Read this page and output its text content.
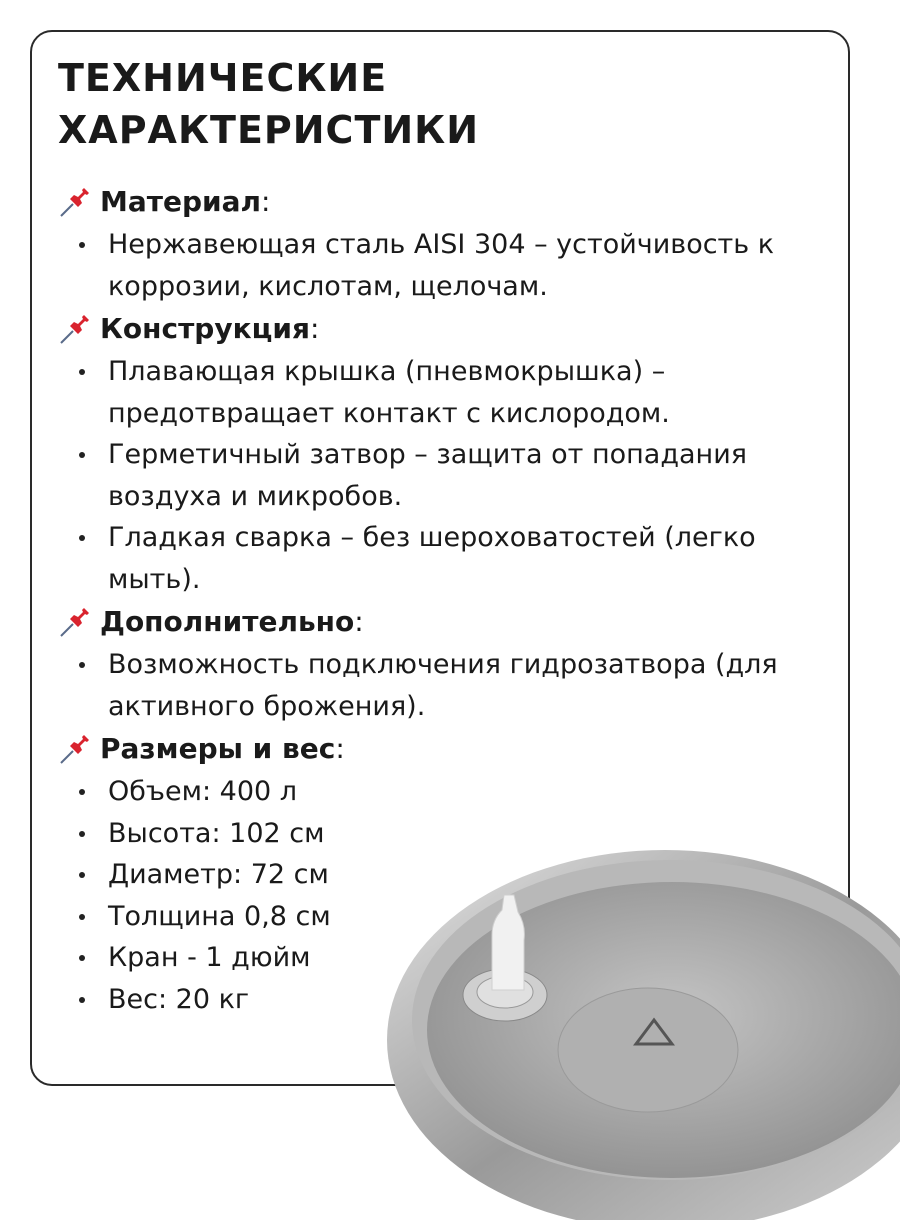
ТЕХНИЧЕСКИЕ
ХАРАКТЕРИСТИКИ
Материал :
Нержавеющая сталь AISI 304 – устойчивость к коррозии, кислотам, щелочам.
Конструкция :
Плавающая крышка (пневмокрышка) – предотвращает контакт с кислородом.
Герметичный затвор – защита от попадания воздуха и микробов.
Гладкая сварка – без шероховатостей (легко мыть).
Дополнительно :
Возможность подключения гидрозатвора (для активного брожения).
Размеры и вес :
Объем: 400 л
Высота: 102 см
Диаметр: 72 см
Толщина 0,8 см
Кран - 1 дюйм
Вес: 20 кг
